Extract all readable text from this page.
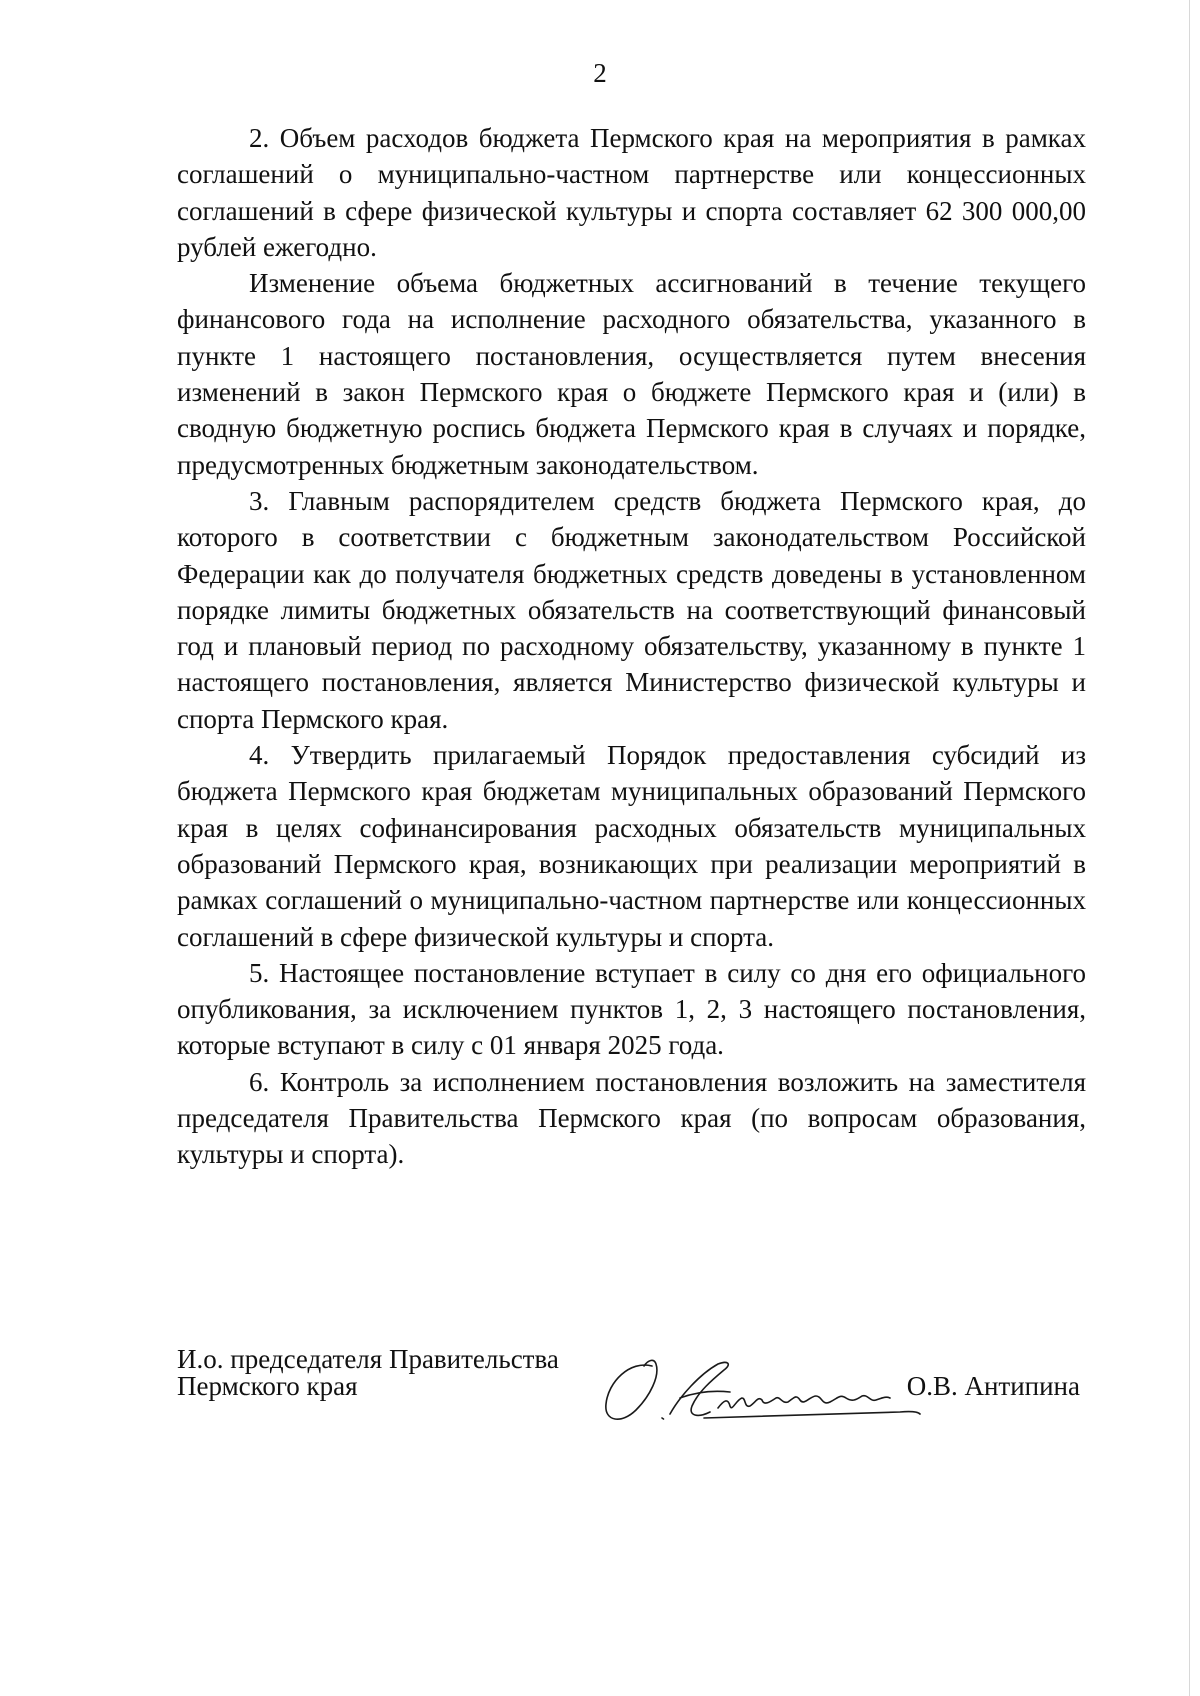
2

2. Объем расходов бюджета Пермского края на мероприятия в рамках соглашений о муниципально-частном партнерстве или концессионных соглашений в сфере физической культуры и спорта составляет 62 300 000,00 рублей ежегодно.

Изменение объема бюджетных ассигнований в течение текущего финансового года на исполнение расходного обязательства, указанного в пункте 1 настоящего постановления, осуществляется путем внесения изменений в закон Пермского края о бюджете Пермского края и (или) в сводную бюджетную роспись бюджета Пермского края в случаях и порядке, предусмотренных бюджетным законодательством.

3. Главным распорядителем средств бюджета Пермского края, до которого в соответствии с бюджетным законодательством Российской Федерации как до получателя бюджетных средств доведены в установленном порядке лимиты бюджетных обязательств на соответствующий финансовый год и плановый период по расходному обязательству, указанному в пункте 1 настоящего постановления, является Министерство физической культуры и спорта Пермского края.

4. Утвердить прилагаемый Порядок предоставления субсидий из бюджета Пермского края бюджетам муниципальных образований Пермского края в целях софинансирования расходных обязательств муниципальных образований Пермского края, возникающих при реализации мероприятий в рамках соглашений о муниципально-частном партнерстве или концессионных соглашений в сфере физической культуры и спорта.

5. Настоящее постановление вступает в силу со дня его официального опубликования, за исключением пунктов 1, 2, 3 настоящего постановления, которые вступают в силу с 01 января 2025 года.

6. Контроль за исполнением постановления возложить на заместителя председателя Правительства Пермского края (по вопросам образования, культуры и спорта).

И.о. председателя Правительства
Пермского края	О.В. Антипина
